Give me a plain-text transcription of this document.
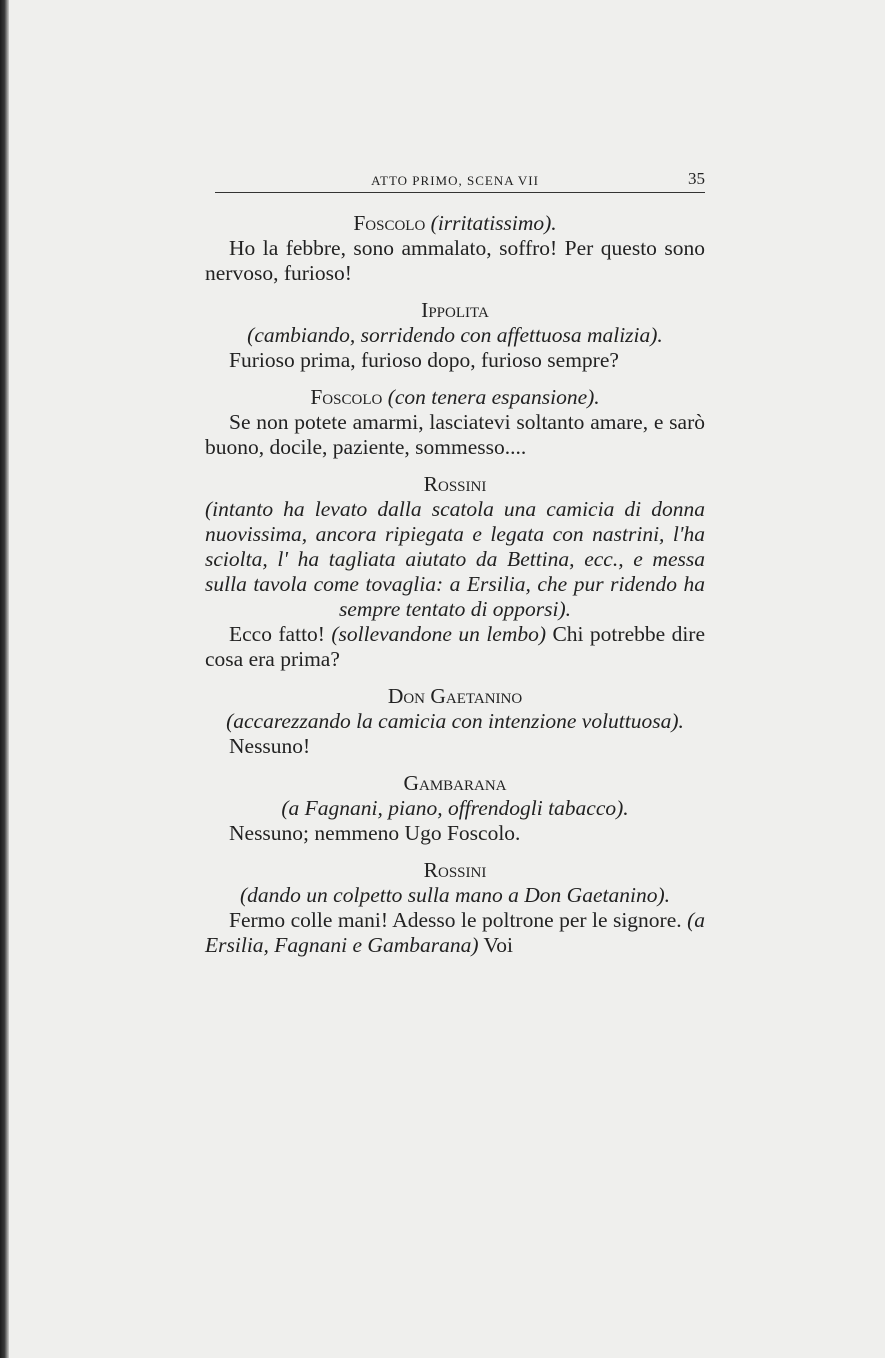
ATTO PRIMO, SCENA VII	35

Foscolo (irritatissimo).

Ho la febbre, sono ammalato, soffro! Per questo sono nervoso, furioso!

Ippolita

(cambiando, sorridendo con affettuosa malizia).

Furioso prima, furioso dopo, furioso sempre?

Foscolo (con tenera espansione).

Se non potete amarmi, lasciatevi soltanto amare, e sarò buono, docile, paziente, sommesso....

Rossini

(intanto ha levato dalla scatola una camicia di donna nuovissima, ancora ripiegata e legata con nastrini, l'ha sciolta, l' ha tagliata aiutato da Bettina, ecc., e messa sulla tavola come tovaglia: a Ersilia, che pur ridendo ha sempre tentato di opporsi).

Ecco fatto! (sollevandone un lembo) Chi potrebbe dire cosa era prima?

Don Gaetanino

(accarezzando la camicia con intenzione voluttuosa).

Nessuno!

Gambarana

(a Fagnani, piano, offrendogli tabacco).

Nessuno; nemmeno Ugo Foscolo.

Rossini

(dando un colpetto sulla mano a Don Gaetanino).

Fermo colle mani! Adesso le poltrone per le signore. (a Ersilia, Fagnani e Gambarana) Voi
